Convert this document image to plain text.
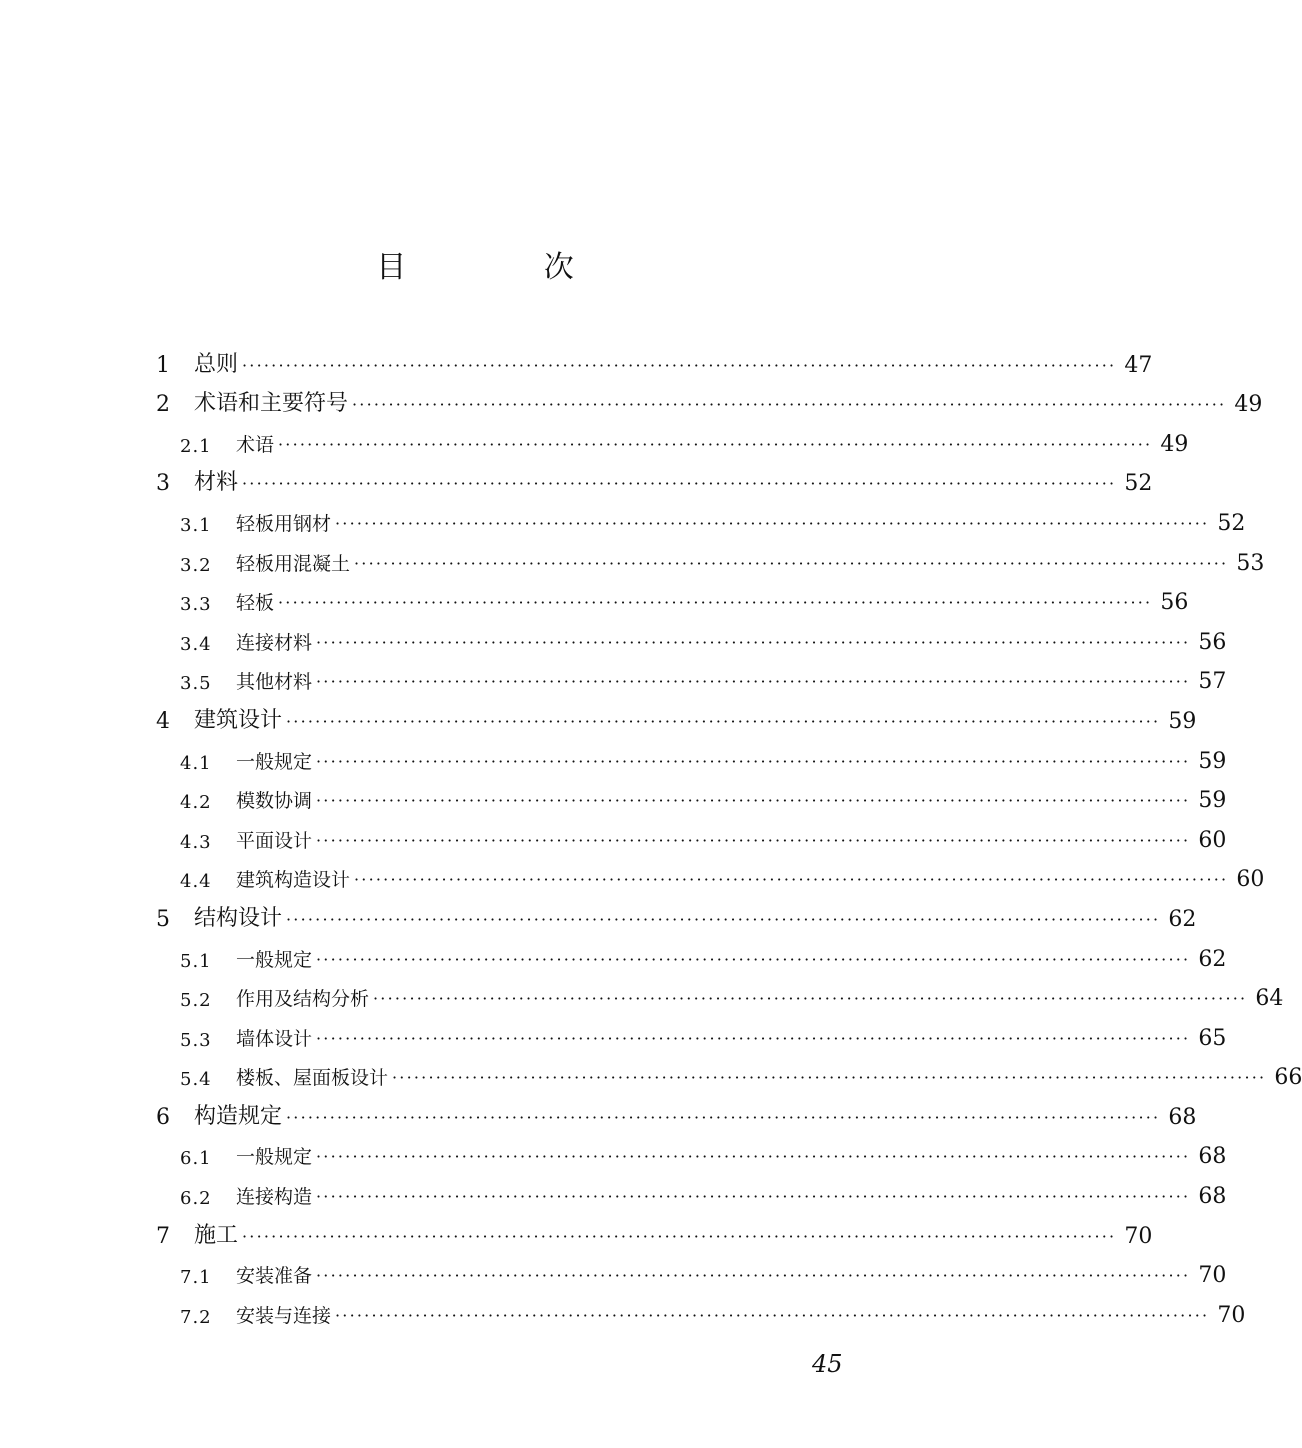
目 次
1	总则 ························································································································ 47
2	术语和主要符号 ························································································································ 49
2.1	术语 ························································································································ 49
3	材料 ························································································································ 52
3.1	轻板用钢材 ························································································································ 52
3.2	轻板用混凝土 ························································································································ 53
3.3	轻板 ························································································································ 56
3.4	连接材料 ························································································································ 56
3.5	其他材料 ························································································································ 57
4	建筑设计 ························································································································ 59
4.1	一般规定 ························································································································ 59
4.2	模数协调 ························································································································ 59
4.3	平面设计 ························································································································ 60
4.4	建筑构造设计 ························································································································ 60
5	结构设计 ························································································································ 62
5.1	一般规定 ························································································································ 62
5.2	作用及结构分析 ························································································································ 64
5.3	墙体设计 ························································································································ 65
5.4	楼板、屋面板设计 ························································································································ 66
6	构造规定 ························································································································ 68
6.1	一般规定 ························································································································ 68
6.2	连接构造 ························································································································ 68
7	施工 ························································································································ 70
7.1	安装准备 ························································································································ 70
7.2	安装与连接 ························································································································ 70
45
